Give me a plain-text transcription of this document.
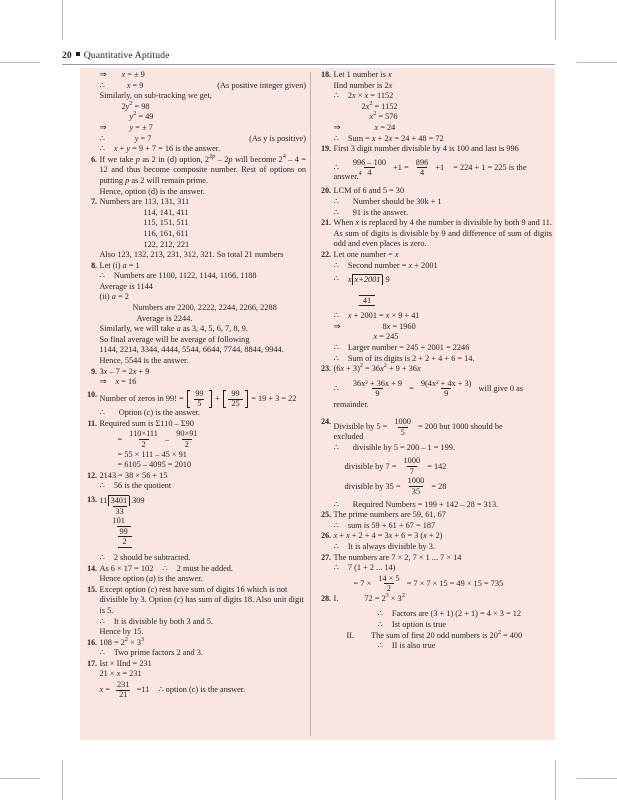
20 Quantitative Aptitude
⇒ x = ± 9
∴	x = 9	(As positive integer given)
Similarly, on sub-tracking we get,
$2y^2 = 98$
$y^2 = 49$
⇒	y = ± 7
∴	y = 7	(As y is positive)
∴ x + y = 9 + 7 = 16 is the answer.
6. If we take p as 2 in (d) option, $2^{2p} - 2p$ will become $2^4 - 4 = 12$ and thus become composite number. Rest of options on putting p as 2 will remain prime.
Hence, option (d) is the answer.
7. Numbers are 113, 131, 311
114, 141, 411
115, 151, 511
116, 161, 611
122, 212, 221
Also 123, 132, 213, 231, 312, 321. So total 21 numbers
8. Let (i) a = 1
∴ Numbers are 1100, 1122, 1144, 1166, 1188
Average is 1144
(ii) a = 2
Numbers are 2200, 2222, 2244, 2266, 2288
Average is 2244.
Similarly, we will take a as 3, 4, 5, 6, 7, 8, 9.
So final average will be average of following
1144, 2214, 3344, 4444, 5544, 6644, 7744, 8844, 9944.
Hence, 5544 is the answer.
9. 3x – 7 = 2x + 9
⇒ x = 16
10. Number of zeros in 99! = $\frac{99}{5} + \frac{99}{25} = 19 + 3 = 22$
∴ Option (c) is the answer.
11. Required sum is Σ110 – Σ90
= $\frac{110\times 111}{2} - \frac{90\times 91}{2}$
= 55 × 111 – 45 × 91
= 6105 – 4095 = 2010
12. 2143 = 38 × 56 + 15
∴ 56 is the quotient
13. 11 3401 309
33
101
99
2
∴ 2 should be subtracted.
14. As 6 × 17 = 102 ∴ 2 must be added.
Hence option (a) is the answer.
15. Except option (c) rest have sum of digits 16 which is not divisible by 3. Option (c) has sum of digits 18. Also unit digit is 5.
∴ It is divisible by both 3 and 5.
Hence by 15.
16. $108 = 2^2 \times 3^3$
∴ Two prime factors 2 and 3.
17. Ist × IInd = 231
21 × x = 231
$x = \frac{231}{21} =11$ ∴ option (c) is the answer.
18. Let 1 number is x
IInd number is 2x
∴ 2x × x = 1152
$2x^2 = 1152$
$x^2 = 576$
⇒	x = 24
∴ Sum = x + 2x = 24 + 48 = 72
19. First 3 digit number divisible by 4 is 100 and last is 996
∴ $\frac{996 - 100}{4} +1 = \frac{896}{4} +1 = 224 + 1 = 225$ is the
answer.$^4$
20. LCM of 6 and 5 = 30
∴ Number should be 30k + 1
∴ 91 is the answer.
21. When x is replaced by 4 the number is divisible by both 9 and 11. As sum of digits is divisible by 9 and difference of sum of digits odd and even places is zero.
22. Let one number = x
∴ Second number = x + 2001
∴ x x+2001 9
41
∴ x + 2001 = x × 9 + 41
⇒	8x = 1960
x = 245
∴ Larger number = 245 + 2001 = 2246
∴ Sum of its digits is 2 + 2 + 4 + 6 = 14.
23. $(6x + 3)^2 = 36x^2 + 9 + 36x$
∴ $\frac{\text{36x² + 36x + 9}}{9} = \frac{\text{9(4x² + 4x + 3)}}{9}$ will give 0 as
remainder.
24.
Divisible by $5 = \frac{1000}{5} = 200$ but 1000 should be
excluded
∴ divisible by 5 = 200 – 1 = 199.
divisible by $7 = \frac{1000}{7} = 142$
divisible by $35 = \frac{1000}{35} = 28$
∴ Required Numbers = 199 + 142 – 28 = 313.
25. The prime numbers are 59, 61, 67
∴ sum is 59 + 61 + 67 = 187
26. x + x + 2 + 4 = 3x + 6 = 3 (x + 2)
∴ It is always divisible by 3.
27. The numbers are 7 × 2, 7 × 1 ... 7 × 14
∴ 7 (1 + 2 ... 14)
= $7 \times \frac{14 \times 5}{2} = 7 \times 7 \times 15 = 49 \times 15 = 735$
28. I.	$72 = 2^3 \times 3^2$
∴ Factors are (3 + 1) (2 + 1) = 4 × 3 = 12
∴ Ist option is true
II. The sum of first 20 odd numbers is $20^2 = 400$
∴ II is also true
